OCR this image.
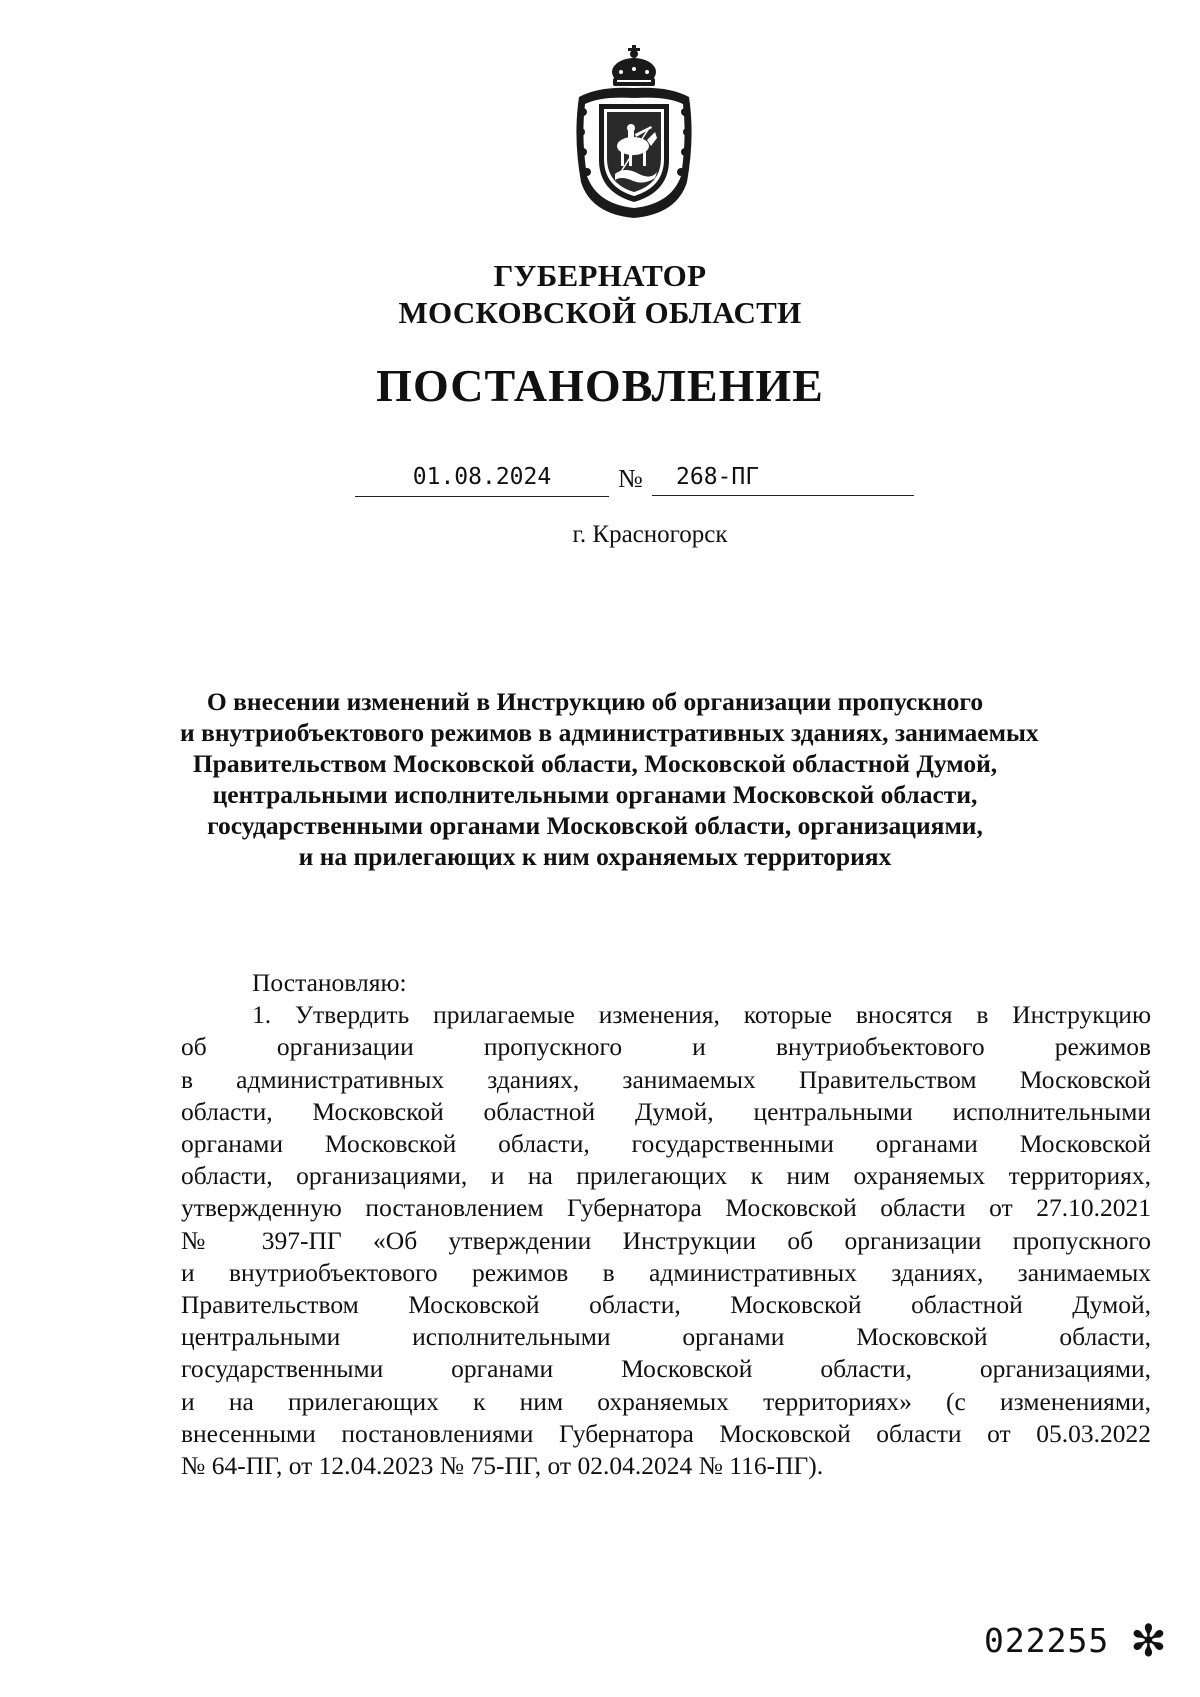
ГУБЕРНАТОР
МОСКОВСКОЙ ОБЛАСТИ
ПОСТАНОВЛЕНИЕ
01.08.2024	№	268-ПГ
г. Красногорск
О внесении изменений в Инструкцию об организации пропускного
и внутриобъектового режимов в административных зданиях, занимаемых
Правительством Московской области, Московской областной Думой,
центральными исполнительными органами Московской области,
государственными органами Московской области, организациями,
и на прилегающих к ним охраняемых территориях
Постановляю:
1. Утвердить прилагаемые изменения, которые вносятся в Инструкцию
об организации пропускного и внутриобъектового режимов
в административных зданиях, занимаемых Правительством Московской
области, Московской областной Думой, центральными исполнительными
органами Московской области, государственными органами Московской
области, организациями, и на прилегающих к ним охраняемых территориях,
утвержденную постановлением Губернатора Московской области от 27.10.2021
№ 397-ПГ «Об утверждении Инструкции об организации пропускного
и внутриобъектового режимов в административных зданиях, занимаемых
Правительством Московской области, Московской областной Думой,
центральными исполнительными органами Московской области,
государственными органами Московской области, организациями,
и на прилегающих к ним охраняемых территориях» (с изменениями,
внесенными постановлениями Губернатора Московской области от 05.03.2022
№ 64-ПГ, от 12.04.2023 № 75-ПГ, от 02.04.2024 № 116-ПГ).
022255 ✻
